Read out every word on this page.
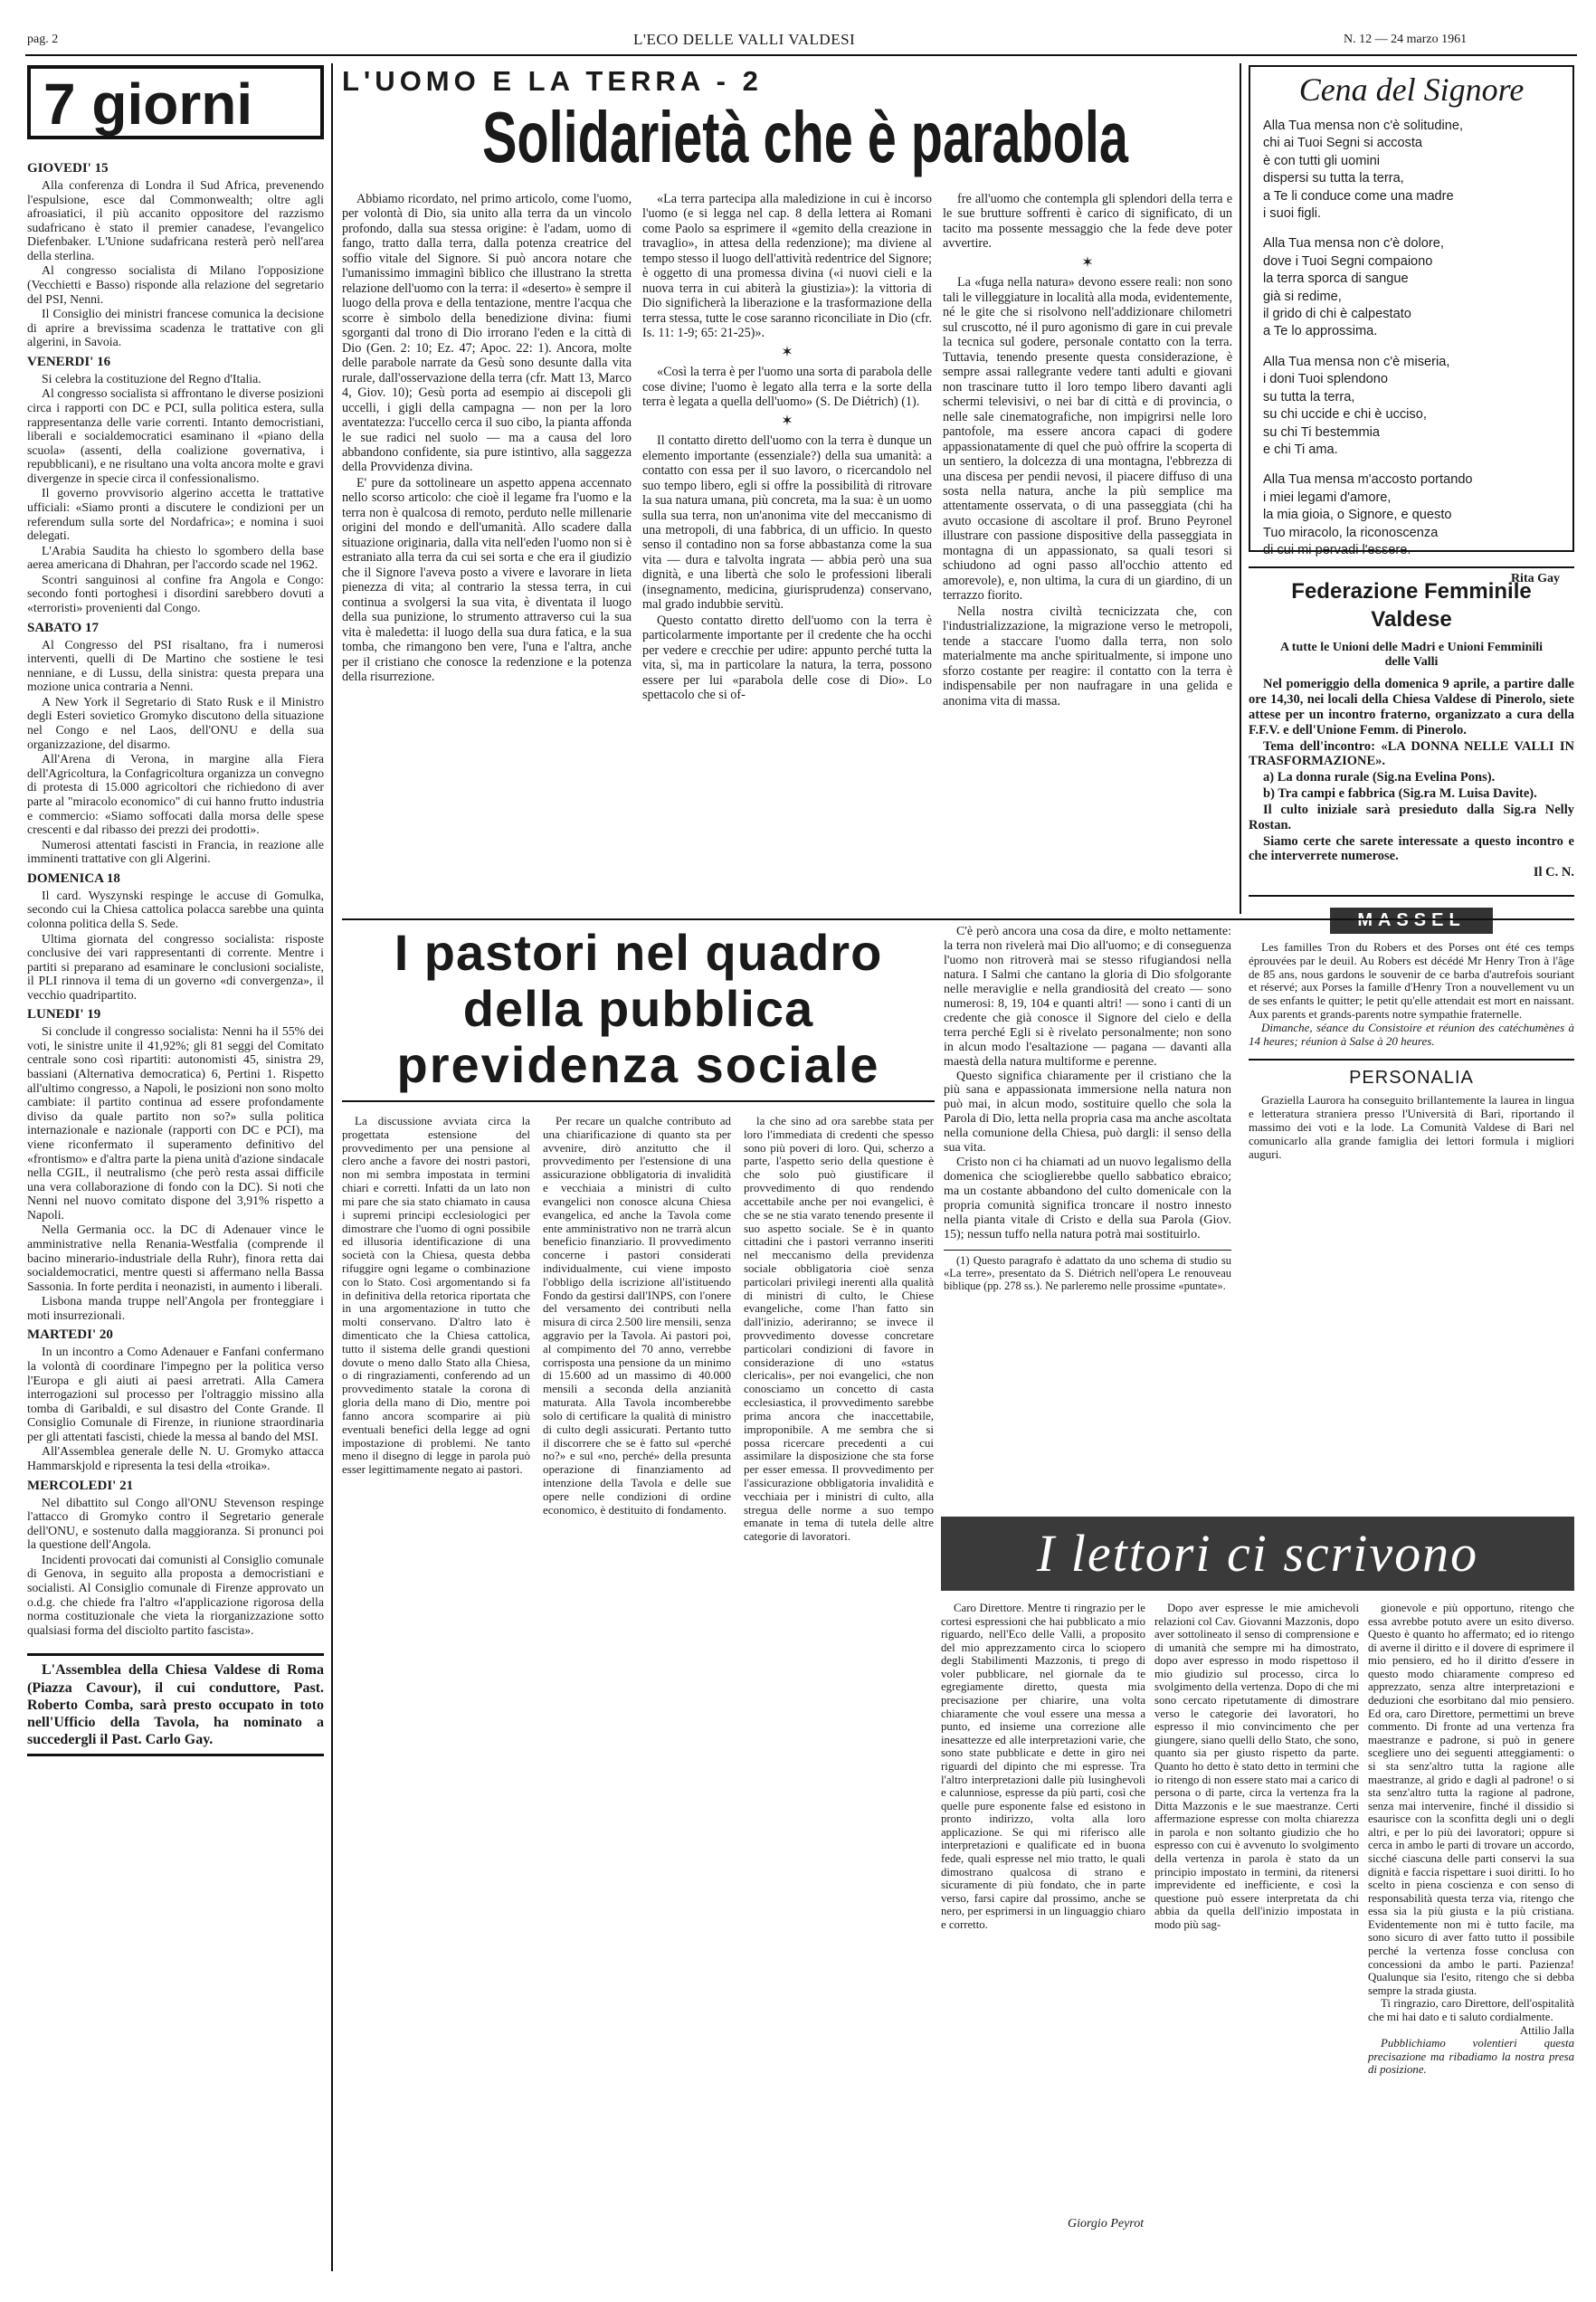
pag. 2	L'ECO DELLE VALLI VALDESI	N. 12 — 24 marzo 1961
7 giorni
GIOVEDI' 15

Alla conferenza di Londra il Sud Africa, prevenendo l'espulsione, esce dal Commonwealth; oltre agli afroasiatici, il più accanito oppositore del razzismo sudafricano è stato il premier canadese, l'evangelico Diefenbaker. L'Unione sudafricana resterà però nell'area della sterlina.

Al congresso socialista di Milano l'opposizione (Vecchietti e Basso) risponde alla relazione del segretario del PSI, Nenni.

Il Consiglio dei ministri francese comunica la decisione di aprire a brevissima scadenza le trattative con gli algerini, in Savoia.

VENERDI' 16

Si celebra la costituzione del Regno d'Italia.

Al congresso socialista si affrontano le diverse posizioni circa i rapporti con DC e PCI, sulla politica estera, sulla rappresentanza delle varie correnti. Intanto democristiani, liberali e socialdemocratici esaminano il «piano della scuola» (assenti, della coalizione governativa, i repubblicani), e ne risultano una volta ancora molte e gravi divergenze in specie circa il confessionalismo.

Il governo provvisorio algerino accetta le trattative ufficiali: «Siamo pronti a discutere le condizioni per un referendum sulla sorte del Nordafrica»; e nomina i suoi delegati.

L'Arabia Saudita ha chiesto lo sgombero della base aerea americana di Dhahran, per l'accordo scade nel 1962.

Scontri sanguinosi al confine fra Angola e Congo: secondo fonti portoghesi i disordini sarebbero dovuti a «terroristi» provenienti dal Congo.

SABATO 17

Al Congresso del PSI risaltano, fra i numerosi interventi, quelli di De Martino che sostiene le tesi nenniane, e di Lussu, della sinistra: questa prepara una mozione unica contraria a Nenni.

A New York il Segretario di Stato Rusk e il Ministro degli Esteri sovietico Gromyko discutono della situazione nel Congo e nel Laos, dell'ONU e della sua organizzazione, del disarmo.

All'Arena di Verona, in margine alla Fiera dell'Agricoltura, la Confagricoltura organizza un convegno di protesta di 15.000 agricoltori che richiedono di aver parte al "miracolo economico" di cui hanno frutto industria e commercio: «Siamo soffocati dalla morsa delle spese crescenti e dal ribasso dei prezzi dei prodotti».

Numerosi attentati fascisti in Francia, in reazione alle imminenti trattative con gli Algerini.

DOMENICA 18

Il card. Wyszynski respinge le accuse di Gomulka, secondo cui la Chiesa cattolica polacca sarebbe una quinta colonna politica della S. Sede.

Ultima giornata del congresso socialista: risposte conclusive dei vari rappresentanti di corrente. Mentre i partiti si preparano ad esaminare le conclusioni socialiste, il PLI rinnova il tema di un governo «di convergenza», il vecchio quadripartito.

LUNEDI' 19

Si conclude il congresso socialista: Nenni ha il 55% dei voti, le sinistre unite il 41,92%; gli 81 seggi del Comitato centrale sono così ripartiti: autonomisti 45, sinistra 29, bassiani (Alternativa democratica) 6, Pertini 1. Rispetto all'ultimo congresso, a Napoli, le posizioni non sono molto cambiate: il partito continua ad essere profondamente diviso da quale partito non so?» sulla politica internazionale e nazionale (rapporti con DC e PCI), ma viene riconfermato il superamento definitivo del «frontismo» e d'altra parte la piena unità d'azione sindacale nella CGIL, il neutralismo (che però resta assai difficile una vera collaborazione di fondo con la DC). Si noti che Nenni nel nuovo comitato dispone del 3,91% rispetto a Napoli.

Nella Germania occ. la DC di Adenauer vince le amministrative nella Renania-Westfalia (comprende il bacino minerario-industriale della Ruhr), finora retta dai socialdemocratici, mentre questi si affermano nella Bassa Sassonia. In forte perdita i neonazisti, in aumento i liberali.

Lisbona manda truppe nell'Angola per fronteggiare i moti insurrezionali.

MARTEDI' 20

In un incontro a Como Adenauer e Fanfani confermano la volontà di coordinare l'impegno per la politica verso l'Europa e gli aiuti ai paesi arretrati. Alla Camera interrogazioni sul processo per l'oltraggio missino alla tomba di Garibaldi, e sul disastro del Conte Grande. Il Consiglio Comunale di Firenze, in riunione straordinaria per gli attentati fascisti, chiede la messa al bando del MSI.

All'Assemblea generale delle N. U. Gromyko attacca Hammarskjold e ripresenta la tesi della «troika».

MERCOLEDI' 21

Nel dibattito sul Congo all'ONU Stevenson respinge l'attacco di Gromyko contro il Segretario generale dell'ONU, e sostenuto dalla maggioranza. Si pronunci poi la questione dell'Angola.

Incidenti provocati dai comunisti al Consiglio comunale di Genova, in seguito alla proposta a democristiani e socialisti. Al Consiglio comunale di Firenze approvato un o.d.g. che chiede fra l'altro «l'applicazione rigorosa della norma costituzionale che vieta la riorganizzazione sotto qualsiasi forma del disciolto partito fascista».

L'Assemblea della Chiesa Valdese di Roma (Piazza Cavour), il cui conduttore, Past. Roberto Comba, sarà presto occupato in toto nell'Ufficio della Tavola, ha nominato a succedergli il Past. Carlo Gay.

L'UOMO E LA TERRA - 2
Solidarietà che è parabola

Abbiamo ricordato, nel primo articolo, come l'uomo, per volontà di Dio, sia unito alla terra da un vincolo profondo, dalla sua stessa origine: è l'adam, uomo di fango, tratto dalla terra, dalla potenza creatrice del soffio vitale del Signore. Si può ancora notare che l'umanissimo immaginì biblico che illustrano la stretta relazione dell'uomo con la terra: il «deserto» è sempre il luogo della prova e della tentazione, mentre l'acqua che scorre è simbolo della benedizione divina: fiumi sgorganti dal trono di Dio irrorano l'eden e la città di Dio (Gen. 2: 10; Ez. 47; Apoc. 22: 1). Ancora, molte delle parabole narrate da Gesù sono desunte dalla vita rurale, dall'osservazione della terra (cfr. Matt 13, Marco 4, Giov. 10); Gesù porta ad esempio ai discepoli gli uccelli, i gigli della campagna — non per la loro aventatezza: l'uccello cerca il suo cibo, la pianta affonda le sue radici nel suolo — ma a causa del loro abbandono confidente, sia pure istintivo, alla saggezza della Provvidenza divina.

E' pure da sottolineare un aspetto appena accennato nello scorso articolo: che cioè il legame fra l'uomo e la terra non è qualcosa di remoto, perduto nelle millenarie origini del mondo e dell'umanità. Allo scadere dalla situazione originaria, dalla vita nell'eden l'uomo non si è estraniato alla terra da cui sei sorta e che era il giudizio che il Signore l'aveva posto a vivere e lavorare in lieta pienezza di vita; al contrario la stessa terra, in cui continua a svolgersi la sua vita, è diventata il luogo della sua punizione, lo strumento attraverso cui la sua vita è maledetta: il luogo della sua dura fatica, e la sua tomba, che rimangono ben vere, l'una e l'altra, anche per il cristiano che conosce la redenzione e la potenza della risurrezione.

«La terra partecipa alla maledizione in cui è incorso l'uomo (e si legga nel cap. 8 della lettera ai Romani come Paolo sa esprimere il «gemito della creazione in travaglio», in attesa della redenzione); ma diviene al tempo stesso il luogo dell'attività redentrice del Signore; è oggetto di una promessa divina («i nuovi cieli e la nuova terra in cui abiterà la giustizia»): la vittoria di Dio significherà la liberazione e la trasformazione della terra stessa, tutte le cose saranno riconciliate in Dio (cfr. Is. 11: 1-9; 65: 21-25)».

✶

«Così la terra è per l'uomo una sorta di parabola delle cose divine; l'uomo è legato alla terra e la sorte della terra è legata a quella dell'uomo» (S. De Diétrich) (1).

✶

Il contatto diretto dell'uomo con la terra è dunque un elemento importante (essenziale?) della sua umanità: a contatto con essa per il suo lavoro, o ricercandolo nel suo tempo libero, egli si offre la possibilità di ritrovare la sua natura umana, più concreta, ma la sua: è un uomo sulla sua terra, non un'anonima vite del meccanismo di una metropoli, di una fabbrica, di un ufficio. In questo senso il contadino non sa forse abbastanza come la sua vita — dura e talvolta ingrata — abbia però una sua dignità, e una libertà che solo le professioni liberali (insegnamento, medicina, giurisprudenza) conservano, mal grado indubbie servitù.

Questo contatto diretto dell'uomo con la terra è particolarmente importante per il credente che ha occhi per vedere e crecchie per udire: appunto perché tutta la vita, sì, ma in particolare la natura, la terra, possono essere per lui «parabola delle cose di Dio». Lo spettacolo che si of-

fre all'uomo che contempla gli splendori della terra e le sue brutture soffrenti è carico di significato, di un tacito ma possente messaggio che la fede deve poter avvertire.

✶

La «fuga nella natura» devono essere reali: non sono tali le villeggiature in località alla moda, evidentemente, né le gite che si risolvono nell'addizionare chilometri sul cruscotto, né il puro agonismo di gare in cui prevale la tecnica sul godere, personale contatto con la terra. Tuttavia, tenendo presente questa considerazione, è sempre assai rallegrante vedere tanti adulti e giovani non trascinare tutto il loro tempo libero davanti agli schermi televisivi, o nei bar di città e di provincia, o nelle sale cinematografiche, non impigrirsi nelle loro pantofole, ma essere ancora capaci di godere appassionatamente di quel che può offrire la scoperta di un sentiero, la dolcezza di una montagna, l'ebbrezza di una discesa per pendii nevosi, il piacere diffuso di una sosta nella natura, anche la più semplice ma attentamente osservata, o di una passeggiata (chi ha avuto occasione di ascoltare il prof. Bruno Peyronel illustrare con passione dispositive della passeggiata in montagna di un appassionato, sa quali tesori si schiudono ad ogni passo all'occhio attento ed amorevole), e, non ultima, la cura di un giardino, di un terrazzo fiorito.

Nella nostra civiltà tecnicizzata che, con l'industrializzazione, la migrazione verso le metropoli, tende a staccare l'uomo dalla terra, non solo materialmente ma anche spiritualmente, si impone uno sforzo costante per reagire: il contatto con la terra è indispensabile per non naufragare in una gelida e anonima vita di massa.

Cena del Signore
Alla Tua mensa non c'è solitudine,
chi ai Tuoi Segni si accosta
è con tutti gli uomini
dispersi su tutta la terra,
a Te li conduce come una madre
i suoi figli.
Alla Tua mensa non c'è dolore,
dove i Tuoi Segni compaiono
la terra sporca di sangue
già si redime,
il grido di chi è calpestato
a Te lo approssima.
Alla Tua mensa non c'è miseria,
i doni Tuoi splendono
su tutta la terra,
su chi uccide e chi è ucciso,
su chi Ti bestemmia
e chi Ti ama.
Alla Tua mensa m'accosto portando
i miei legami d'amore,
la mia gioia, o Signore, e questo
Tuo miracolo, la riconoscenza
di cui mi pervadi l'essere.
Rita Gay
Federazione Femminile Valdese
A tutte le Unioni delle Madri e Unioni Femminili delle Valli

Nel pomeriggio della domenica 9 aprile, a partire dalle ore 14,30, nei locali della Chiesa Valdese di Pinerolo, siete attese per un incontro fraterno, organizzato a cura della F.F.V. e dell'Unione Femm. di Pinerolo.

Tema dell'incontro: «LA DONNA NELLE VALLI IN TRASFORMAZIONE».

a) La donna rurale (Sig.na Evelina Pons).

b) Tra campi e fabbrica (Sig.ra M. Luisa Davite).

Il culto iniziale sarà presieduto dalla Sig.ra Nelly Rostan.

Siamo certe che sarete interessate a questo incontro e che interverrete numerose.

Il C. N.

Les familles Tron du Robers et des Porses ont été ces temps éprouvées par le deuil. Au Robers est décédé Mr Henry Tron à l'âge de 85 ans, nous gardons le souvenir de ce barba d'autrefois souriant et réservé; aux Porses la famille d'Henry Tron a nouvellement vu un de ses enfants le quitter; le petit qu'elle attendait est mort en naissant. Aux parents et grands-parents notre sympathie fraternelle.

Dimanche, séance du Consistoire et réunion des catéchumènes à 14 heures; réunion à Salse à 20 heures.

PERSONALIA

Graziella Laurora ha conseguito brillantemente la laurea in lingua e letteratura straniera presso l'Università di Bari, riportando il massimo dei voti e la lode. La Comunità Valdese di Bari nel comunicarlo alla grande famiglia dei lettori formula i migliori auguri.

I pastori nel quadro
della pubblica
previdenza sociale

La discussione avviata circa la progettata estensione del provvedimento per una pensione al clero anche a favore dei nostri pastori, non mi sembra impostata in termini chiari e corretti. Infatti da un lato non mi pare che sia stato chiamato in causa i supremi principi ecclesiologici per dimostrare che l'uomo di ogni possibile ed illusoria identificazione di una società con la Chiesa, questa debba rifuggire ogni legame o combinazione con lo Stato. Così argomentando si fa in definitiva della retorica riportata che in una argomentazione in tutto che molti conservano. D'altro lato è dimenticato che la Chiesa cattolica, tutto il sistema delle grandi questioni dovute o meno dallo Stato alla Chiesa, o di ringraziamenti, conferendo ad un provvedimento statale la corona di gloria della mano di Dio, mentre poi fanno ancora scomparire ai più eventuali benefici della legge ad ogni impostazione di problemi. Ne tanto meno il disegno di legge in parola può esser legittimamente negato ai pastori.

Per recare un qualche contributo ad una chiarificazione di quanto sta per avvenire, dirò anzitutto che il provvedimento per l'estensione di una assicurazione obbligatoria di invalidità e vecchiaia a ministri di culto evangelici non conosce alcuna Chiesa evangelica, ed anche la Tavola come ente amministrativo non ne trarrà alcun beneficio finanziario. Il provvedimento concerne i pastori considerati individualmente, cui viene imposto l'obbligo della iscrizione all'istituendo Fondo da gestirsi dall'INPS, con l'onere del versamento dei contributi nella misura di circa 2.500 lire mensili, senza aggravio per la Tavola. Ai pastori poi, al compimento del 70 anno, verrebbe corrisposta una pensione da un minimo di 15.600 ad un massimo di 40.000 mensili a seconda della anzianità maturata. Alla Tavola incomberebbe solo di certificare la qualità di ministro di culto degli assicurati. Pertanto tutto il discorrere che se è fatto sul «perché no?» e sul «no, perché» della presunta operazione di finanziamento ad intenzione della Tavola e delle sue opere nelle condizioni di ordine economico, è destituito di fondamento.

la che sino ad ora sarebbe stata per loro l'immediata di credenti che spesso sono più poveri di loro. Qui, scherzo a parte, l'aspetto serio della questione è che solo può giustificare il provvedimento di quo rendendo accettabile anche per noi evangelici, è che se ne stia varato tenendo presente il suo aspetto sociale. Se è in quanto cittadini che i pastori verranno inseriti nel meccanismo della previdenza sociale obbligatoria cioè senza particolari privilegi inerenti alla qualità di ministri di culto, le Chiese evangeliche, come l'han fatto sin dall'inizio, aderiranno; se invece il provvedimento dovesse concretare particolari condizioni di favore in considerazione di uno «status clericalis», per noi evangelici, che non conosciamo un concetto di casta ecclesiastica, il provvedimento sarebbe prima ancora che inaccettabile, improponibile. A me sembra che si possa ricercare precedenti a cui assimilare la disposizione che sta forse per esser emessa. Il provvedimento per l'assicurazione obbligatoria invalidità e vecchiaia per i ministri di culto, alla stregua delle norme a suo tempo emanate in tema di tutela delle altre categorie di lavoratori.

C'è però ancora una cosa da dire, e molto nettamente: la terra non rivelerà mai Dio all'uomo; e di conseguenza l'uomo non ritroverà mai se stesso rifugiandosi nella natura. I Salmi che cantano la gloria di Dio sfolgorante nelle meraviglie e nella grandiosità del creato — sono numerosi: 8, 19, 104 e quanti altri! — sono i canti di un credente che già conosce il Signore del cielo e della terra perché Egli si è rivelato personalmente; non sono in alcun modo l'esaltazione — pagana — davanti alla maestà della natura multiforme e perenne.

Questo significa chiaramente per il cristiano che la più sana e appassionata immersione nella natura non può mai, in alcun modo, sostituire quello che sola la Parola di Dio, letta nella propria casa ma anche ascoltata nella comunione della Chiesa, può dargli: il senso della sua vita.

Cristo non ci ha chiamati ad un nuovo legalismo della domenica che scioglierebbe quello sabbatico ebraico; ma un costante abbandono del culto domenicale con la propria comunità significa troncare il nostro innesto nella pianta vitale di Cristo e della sua Parola (Giov. 15); nessun tuffo nella natura potrà mai sostituirlo.

(1) Questo paragrafo è adattato da uno schema di studio su «La terre», presentato da S. Diétrich nell'opera Le renouveau biblique (pp. 278 ss.). Ne parleremo nelle prossime «puntate».

Giorgio Peyrot
I lettori ci scrivono

Caro Direttore. Mentre ti ringrazio per le cortesi espressioni che hai pubblicato a mio riguardo, nell'Eco delle Valli, a proposito del mio apprezzamento circa lo sciopero degli Stabilimenti Mazzonis, ti prego di voler pubblicare, nel giornale da te egregiamente diretto, questa mia precisazione per chiarire, una volta chiaramente che voul essere una messa a punto, ed insieme una correzione alle inesattezze ed alle interpretazioni varie, che sono state pubblicate e dette in giro nei riguardi del dipinto che mi espresse. Tra l'altro interpretazioni dalle più lusinghevoli e calunniose, espresse da più parti, così che quelle pure esponente false ed esistono in pronto indirizzo, volta alla loro applicazione. Se qui mi riferisco alle interpretazioni e qualificate ed in buona fede, quali espresse nel mio tratto, le quali dimostrano qualcosa di strano e sicuramente di più fondato, che in parte verso, farsi capire dal prossimo, anche se nero, per esprimersi in un linguaggio chiaro e corretto.

Dopo aver espresse le mie amichevoli relazioni col Cav. Giovanni Mazzonis, dopo aver sottolineato il senso di comprensione e di umanità che sempre mi ha dimostrato, dopo aver espresso in modo rispettoso il mio giudizio sul processo, circa lo svolgimento della vertenza. Dopo di che mi sono cercato ripetutamente di dimostrare verso le categorie dei lavoratori, ho espresso il mio convincimento che per giungere, siano quelli dello Stato, che sono, quanto sia per giusto rispetto da parte. Quanto ho detto è stato detto in termini che io ritengo di non essere stato mai a carico di persona o di parte, circa la vertenza fra la Ditta Mazzonis e le sue maestranze. Certi affermazione espresse con molta chiarezza in parola e non soltanto giudizio che ho espresso con cui è avvenuto lo svolgimento della vertenza in parola è stato da un principio impostato in termini, da ritenersi imprevidente ed inefficiente, e così la questione può essere interpretata da chi abbia da quella dell'inizio impostata in modo più sag-

gionevole e più opportuno, ritengo che essa avrebbe potuto avere un esito diverso. Questo è quanto ho affermato; ed io ritengo di averne il diritto e il dovere di esprimere il mio pensiero, ed ho il diritto d'essere in questo modo chiaramente compreso ed apprezzato, senza altre interpretazioni e deduzioni che esorbitano dal mio pensiero. Ed ora, caro Direttore, permettimi un breve commento. Di fronte ad una vertenza fra maestranze e padrone, si può in genere scegliere uno dei seguenti atteggiamenti: o si sta senz'altro tutta la ragione alle maestranze, al grido e dagli al padrone! o si sta senz'altro tutta la ragione al padrone, senza mai intervenire, finché il dissidio si esaurisce con la sconfitta degli uni o degli altri, e per lo più dei lavoratori; oppure si cerca in ambo le parti di trovare un accordo, sicché ciascuna delle parti conservi la sua dignità e faccia rispettare i suoi diritti. Io ho scelto in piena coscienza e con senso di responsabilità questa terza via, ritengo che essa sia la più giusta e la più cristiana. Evidentemente non mi è tutto facile, ma sono sicuro di aver fatto tutto il possibile perché la vertenza fosse conclusa con concessioni da ambo le parti. Pazienza! Qualunque sia l'esito, ritengo che si debba sempre la strada giusta.

Ti ringrazio, caro Direttore, dell'ospitalità che mi hai dato e ti saluto cordialmente.

Attilio Jalla

Pubblichiamo volentieri questa precisazione ma ribadiamo la nostra presa di posizione.
